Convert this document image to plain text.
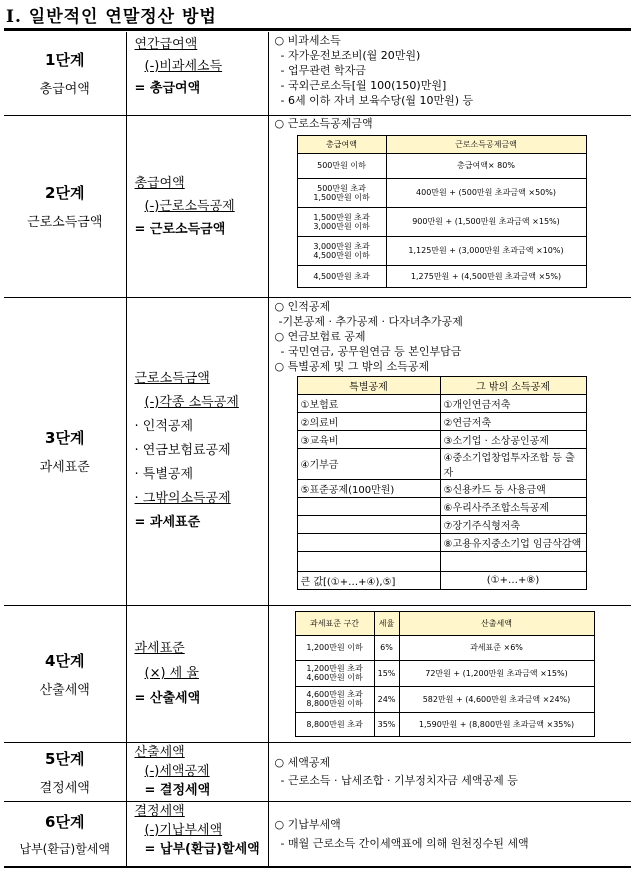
Ⅰ. 일반적인 연말정산 방법
1단계
총급여액

연간급여액
(-)비과세소득
= 총급여액

○ 비과세소득
- 자가운전보조비(월 20만원)
- 업무관련 학자금
- 국외근로소득[월 100(150)만원]
- 6세 이하 자녀 보육수당(월 10만원) 등

2단계
근로소득금액

총급여액
(-)근로소득공제
= 근로소득금액

○ 근로소득공제금액
총급여액	근로소득공제금액
500만원 이하	총급여액× 80%
500만원 초과
1,500만원 이하	400만원 + (500만원 초과금액 ×50%)
1,500만원 초과
3,000만원 이하	900만원 + (1,500만원 초과금액 ×15%)
3,000만원 초과
4,500만원 이하	1,125만원 + (3,000만원 초과금액 ×10%)
4,500만원 초과	1,275만원 + (4,500만원 초과금액 ×5%)

3단계
과세표준

근로소득금액
(-)각종 소득공제
· 인적공제
· 연금보험료공제
· 특별공제
· 그밖의소득공제
= 과세표준

○ 인적공제
-기본공제 · 추가공제 · 다자녀추가공제
○ 연금보험료 공제
- 국민연금, 공무원연금 등 본인부담금
○ 특별공제 및 그 밖의 소득공제
특별공제	그 밖의 소득공제
①보험료	①개인연금저축
②의료비	②연금저축
③교육비	③소기업 · 소상공인공제
④기부금	④중소기업창업투자조합 등 출자
⑤표준공제(100만원)	⑤신용카드 등 사용금액
	⑥우리사주조합소득공제
	⑦장기주식형저축
	⑧고용유지중소기업 임금삭감액

큰 값[(①+…+④),⑤]	(①+…+⑧)

4단계
산출세액

과세표준
(×) 세 율
= 산출세액

과세표준 구간	세율	산출세액
1,200만원 이하	6%	과세표준 ×6%
1,200만원 초과
4,600만원 이하	15%	72만원 + (1,200만원 초과금액 ×15%)
4,600만원 초과
8,800만원 이하	24%	582만원 + (4,600만원 초과금액 ×24%)
8,800만원 초과	35%	1,590만원 + (8,800만원 초과금액 ×35%)

5단계
결정세액

산출세액
(-)세액공제
= 결정세액

○ 세액공제
- 근로소득 · 납세조합 · 기부정치자금 세액공제 등

6단계
납부(환급)할세액

결정세액
(-)기납부세액
= 납부(환급)할세액

○ 기납부세액
- 매월 근로소득 간이세액표에 의해 원천징수된 세액
